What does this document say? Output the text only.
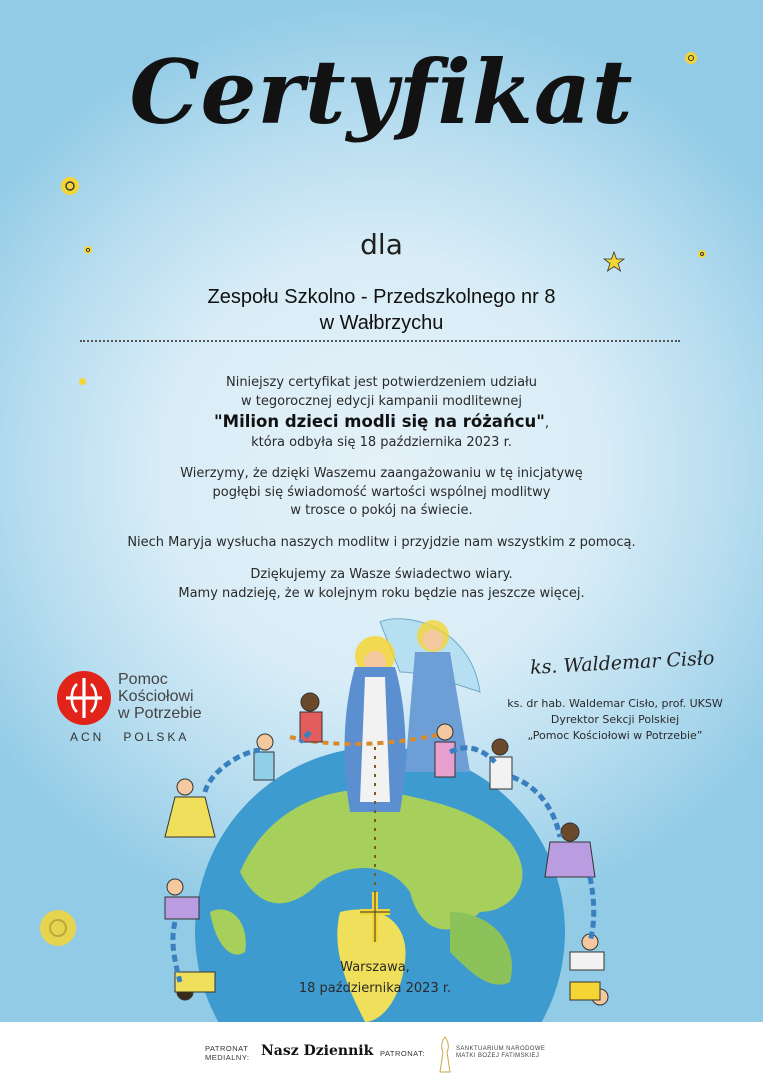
Certyfikat
dla
Zespołu Szkolno - Przedszkolnego nr 8
w Wałbrzychu
Niniejszy certyfikat jest potwierdzeniem udziału
w tegorocznej edycji kampanii modlitewnej
"Milion dzieci modli się na różańcu",
która odbyła się 18 października 2023 r.
Wierzymy, że dzięki Waszemu zaangażowaniu w tę inicjatywę
pogłębi się świadomość wartości wspólnej modlitwy
w trosce o pokój na świecie.
Niech Maryja wysłucha naszych modlitw i przyjdzie nam wszystkim z pomocą.
Dziękujemy za Wasze świadectwo wiary.
Mamy nadzieję, że w kolejnym roku będzie nas jeszcze więcej.
Pomoc
Kościołowi
w Potrzebie
ACN POLSKA
ks. Waldemar Cisło
ks. dr hab. Waldemar Cisło, prof. UKSW
Dyrektor Sekcji Polskiej
„Pomoc Kościołowi w Potrzebie”
Warszawa,
18 października 2023 r.
PATRONAT
MEDIALNY: Nasz Dziennik PATRONAT:	SANKTUARIUM NARODOWE
MATKI BOŻEJ FATIMSKIEJ
